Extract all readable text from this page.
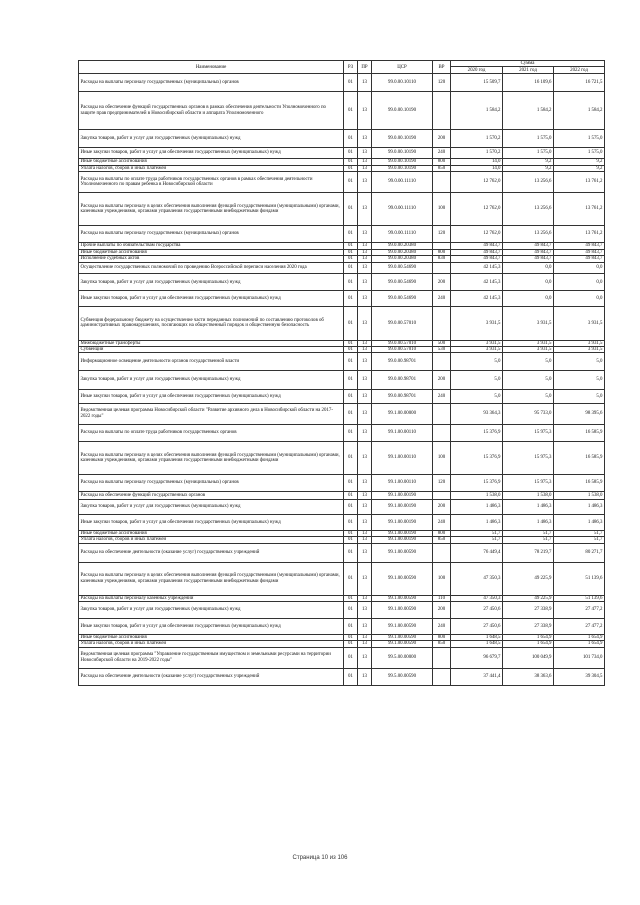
Наименование	РЗ	ПР	ЦСР	ВР	Сумма		
					2020 год	2021 год	2022 год
Расходы на выплаты персоналу государственных (муниципальных) органов	01	13	99.0.00.10110	120	15 509,7	16 109,6	16 721,5
Расходы на обеспечение функций государственных органов в рамках обеспечения деятельности Уполномоченного по защите прав предпринимателей в Новосибирской области и аппарата Уполномоченного	01	13	99.0.00.10190		1 584,2	1 584,2	1 584,2
Закупка товаров, работ и услуг для государственных (муниципальных) нужд	01	13	99.0.00.10190	200	1 570,2	1 575,0	1 575,0
Иные закупки товаров, работ и услуг для обеспечения государственных (муниципальных) нужд	01	13	99.0.00.10190	240	1 570,2	1 575,0	1 575,0
Иные бюджетные ассигнования	01	13	99.0.00.10190	800	14,0	9,2	9,2
Уплата налогов, сборов и иных платежей	01	13	99.0.00.10190	850	14,0	9,2	9,2
Расходы на выплаты по оплате труда работников государственных органов в рамках обеспечения деятельности Уполномоченного по правам ребенка в Новосибирской области	01	13	99.0.00.11110		12 762,0	13 256,6	13 761,2
Расходы на выплаты персоналу в целях обеспечения выполнения функций государственными (муниципальными) органами, казенными учреждениями, органами управления государственными внебюджетными фондами	01	13	99.0.00.11110	100	12 762,0	13 256,6	13 761,2
Расходы на выплаты персоналу государственных (муниципальных) органов	01	13	99.0.00.11110	120	12 762,0	13 256,6	13 761,2
Прочие выплаты по обязательствам государства	01	13	99.0.00.20380		49 843,7	49 843,7	49 843,7
Иные бюджетные ассигнования	01	13	99.0.00.20380	800	49 843,7	49 843,7	49 843,7
Исполнение судебных актов	01	13	99.0.00.20380	830	49 843,7	49 843,7	49 843,7
Осуществление государственных полномочий по проведению Всероссийской переписи населения 2020 года	01	13	99.0.00.54690		42 145,3	0,0	0,0
Закупка товаров, работ и услуг для государственных (муниципальных) нужд	01	13	99.0.00.54690	200	42 145,3	0,0	0,0
Иные закупки товаров, работ и услуг для обеспечения государственных (муниципальных) нужд	01	13	99.0.00.54690	240	42 145,3	0,0	0,0
Субвенция федеральному бюджету на осуществление части переданных полномочий по составлению протоколов об административных правонарушениях, посягающих на общественный порядок и общественную безопасность	01	13	99.0.00.57010		3 931,5	3 931,5	3 931,5
Межбюджетные трансферты	01	13	99.0.00.57010	500	3 931,5	3 931,5	3 931,5
Субвенции	01	13	99.0.00.57010	530	3 931,5	3 931,5	3 931,5
Информационное освещение деятельности органов государственной власти	01	13	99.0.00.98701		5,0	5,0	5,0
Закупка товаров, работ и услуг для государственных (муниципальных) нужд	01	13	99.0.00.98701	200	5,0	5,0	5,0
Иные закупки товаров, работ и услуг для обеспечения государственных (муниципальных) нужд	01	13	99.0.00.98701	240	5,0	5,0	5,0
Ведомственная целевая программа Новосибирской области "Развитие архивного дела в Новосибирской области на 2017-2022 годы"	01	13	99.1.00.00000		93 364,3	95 733,0	98 395,6
Расходы на выплаты по оплате труда работников государственных органов	01	13	99.1.00.00110		15 376,9	15 975,3	16 585,9
Расходы на выплаты персоналу в целях обеспечения выполнения функций государственными (муниципальными) органами, казенными учреждениями, органами управления государственными внебюджетными фондами	01	13	99.1.00.00110	100	15 376,9	15 975,3	16 585,9
Расходы на выплаты персоналу государственных (муниципальных) органов	01	13	99.1.00.00110	120	15 376,9	15 975,3	16 585,9
Расходы на обеспечение функций государственных органов	01	13	99.1.00.00190		1 538,0	1 538,0	1 538,0
Закупка товаров, работ и услуг для государственных (муниципальных) нужд	01	13	99.1.00.00190	200	1 486,3	1 486,3	1 486,3
Иные закупки товаров, работ и услуг для обеспечения государственных (муниципальных) нужд	01	13	99.1.00.00190	240	1 486,3	1 486,3	1 486,3
Иные бюджетные ассигнования	01	13	99.1.00.00190	800	51,7	51,7	51,7
Уплата налогов, сборов и иных платежей	01	13	99.1.00.00190	850	51,7	51,7	51,7
Расходы на обеспечение деятельности (оказание услуг) государственных учреждений	01	13	99.1.00.00590		76 449,4	78 219,7	80 271,7
Расходы на выплаты персоналу в целях обеспечения выполнения функций государственными (муниципальными) органами, казенными учреждениями, органами управления государственными внебюджетными фондами	01	13	99.1.00.00590	100	47 350,3	49 225,9	51 139,6
Расходы на выплаты персоналу казенных учреждений	01	13	99.1.00.00590	110	47 350,3	49 225,9	51 139,6
Закупка товаров, работ и услуг для государственных (муниципальных) нужд	01	13	99.1.00.00590	200	27 450,6	27 338,9	27 477,2
Иные закупки товаров, работ и услуг для обеспечения государственных (муниципальных) нужд	01	13	99.1.00.00590	240	27 450,6	27 338,9	27 477,2
Иные бюджетные ассигнования	01	13	99.1.00.00590	800	1 648,5	1 654,9	1 654,9
Уплата налогов, сборов и иных платежей	01	13	99.1.00.00590	850	1 648,5	1 654,9	1 654,9
Ведомственная целевая программа "Управление государственным имуществом и земельными ресурсами на территории Новосибирской области на 2019-2022 годы"	01	13	99.5.00.00000		96 679,7	100 049,9	101 734,0
Расходы на обеспечение деятельности (оказание услуг) государственных учреждений	01	13	99.5.00.00590		37 441,4	38 363,6	39 304,5
Страница 10 из 106
